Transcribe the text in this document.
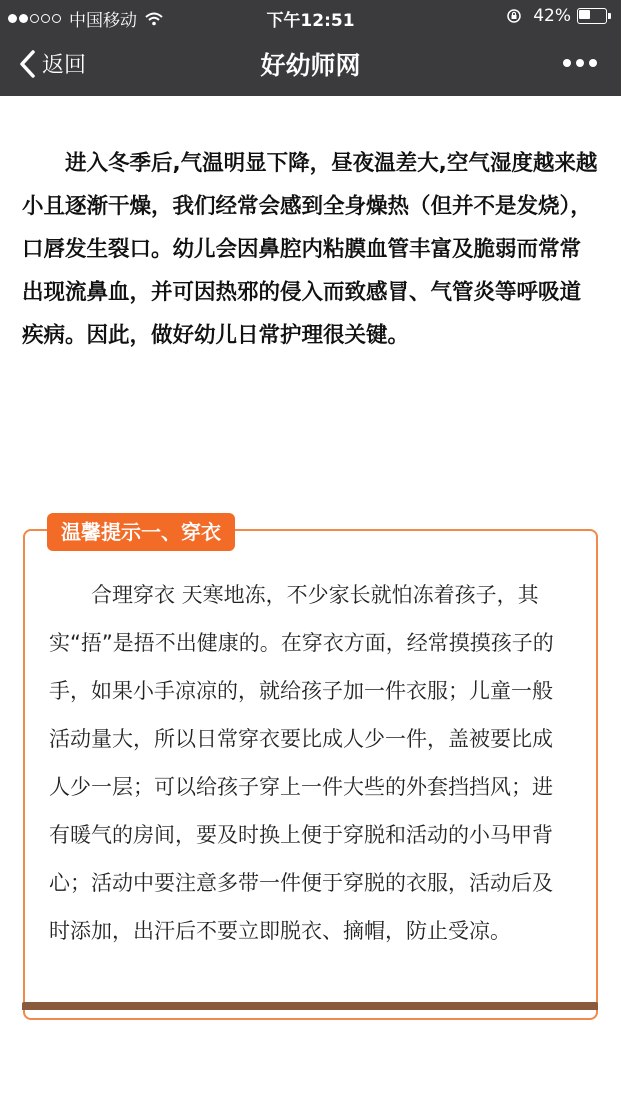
中国移动	下午12:51	42%
返回	好幼师网

进入冬季后,气温明显下降，昼夜温差大,空气湿度越来越小且逐渐干燥，我们经常会感到全身燥热（但并不是发烧），口唇发生裂口。幼儿会因鼻腔内粘膜血管丰富及脆弱而常常出现流鼻血，并可因热邪的侵入而致感冒、气管炎等呼吸道疾病。因此，做好幼儿日常护理很关键。

温馨提示一、穿衣

合理穿衣 天寒地冻，不少家长就怕冻着孩子，其实“捂”是捂不出健康的。在穿衣方面，经常摸摸孩子的手，如果小手凉凉的，就给孩子加一件衣服；儿童一般活动量大，所以日常穿衣要比成人少一件，盖被要比成人少一层；可以给孩子穿上一件大些的外套挡挡风；进有暖气的房间，要及时换上便于穿脱和活动的小马甲背心；活动中要注意多带一件便于穿脱的衣服，活动后及时添加，出汗后不要立即脱衣、摘帽，防止受凉。
